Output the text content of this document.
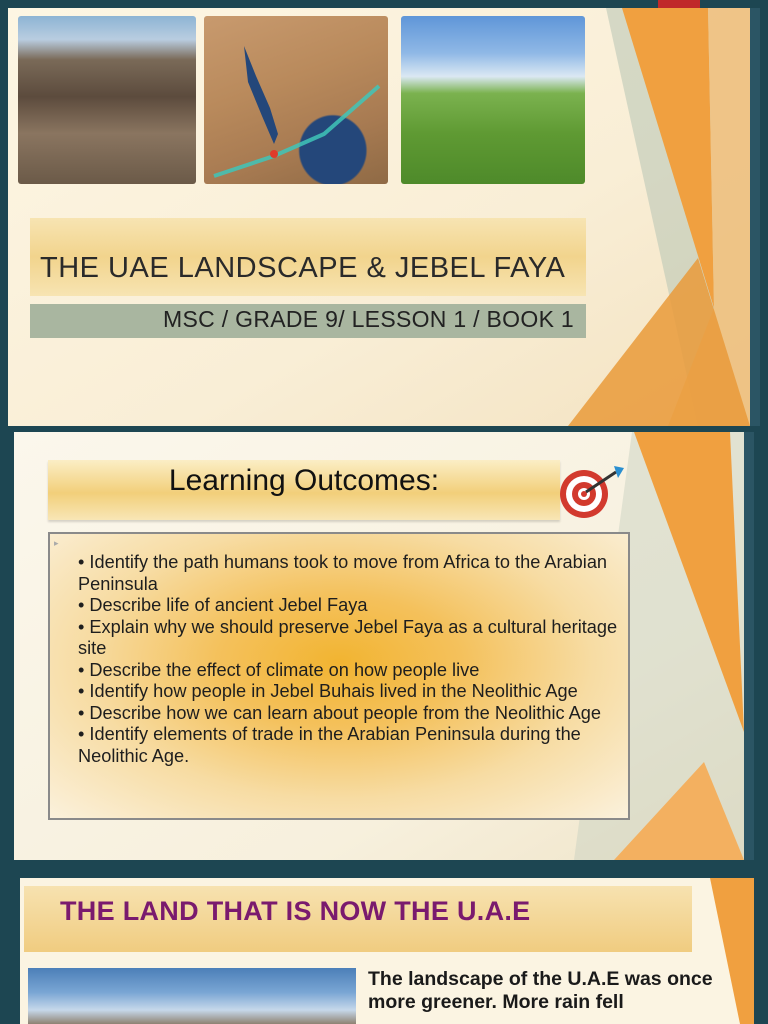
THE UAE LANDSCAPE & JEBEL FAYA
MSC / GRADE 9/ LESSON 1 / BOOK 1
Learning Outcomes:
▸
• Identify the path humans took to move from Africa to the Arabian Peninsula
• Describe life of ancient Jebel Faya
• Explain why we should preserve Jebel Faya as a cultural heritage site
• Describe the effect of climate on how people live
• Identify how people in Jebel Buhais lived in the Neolithic Age
• Describe how we can learn about people from the Neolithic Age
• Identify elements of trade in the Arabian Peninsula during the Neolithic Age.
THE LAND THAT IS NOW THE U.A.E
The landscape of the U.A.E was once more greener. More rain fell
